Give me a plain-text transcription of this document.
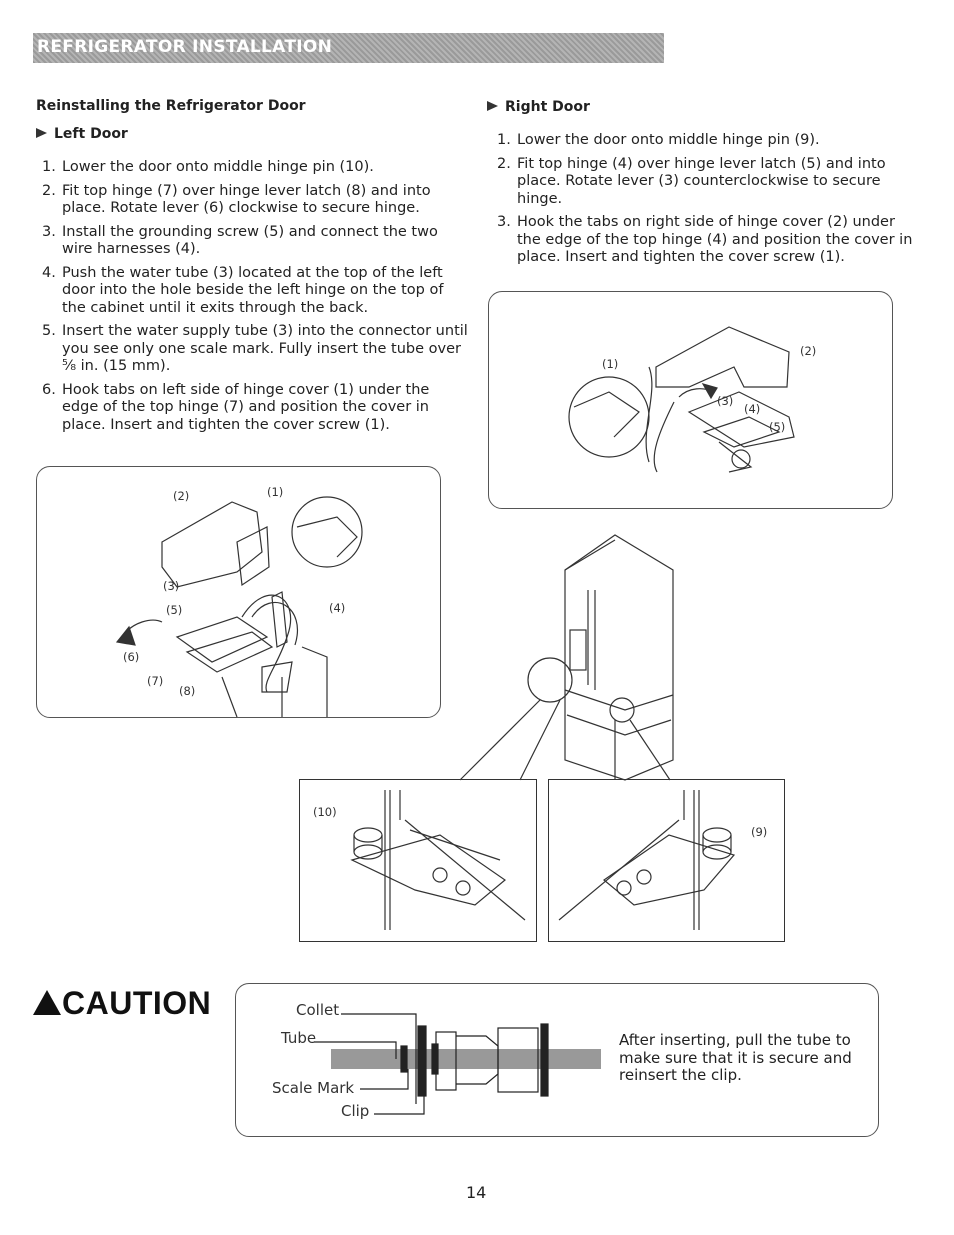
REFRIGERATOR INSTALLATION
Reinstalling the Refrigerator Door
Left Door
1. Lower the door onto middle hinge pin (10).
2. Fit top hinge (7) over hinge lever latch (8) and into place. Rotate lever (6) clockwise to secure hinge.
3. Install the grounding screw (5) and connect the two wire harnesses (4).
4. Push the water tube (3) located at the top of the left door into the hole beside the left hinge on the top of the cabinet until it exits through the back.
5. Insert the water supply tube (3) into the connector until you see only one scale mark. Fully insert the tube over ⁵⁄₈ in. (15 mm).
6. Hook tabs on left side of hinge cover (1) under the edge of the top hinge (7) and position the cover in place. Insert and tighten the cover screw (1).
Right Door
1. Lower the door onto middle hinge pin (9).
2. Fit top hinge (4) over hinge lever latch (5) and into place. Rotate lever (3) counterclockwise to secure hinge.
3. Hook the tabs on right side of hinge cover (2) under the edge of the top hinge (4) and position the cover in place. Insert and tighten the cover screw (1).
(2)	(1)
(3)
(5)	(4)
(6)
(7)
(8)
(1)
(2)
(3)
(4)
(5)
(10)
(9)
CAUTION	Collet
Tube
Scale Mark
Clip
After inserting, pull the tube to make sure that it is secure and reinsert the clip.
14
